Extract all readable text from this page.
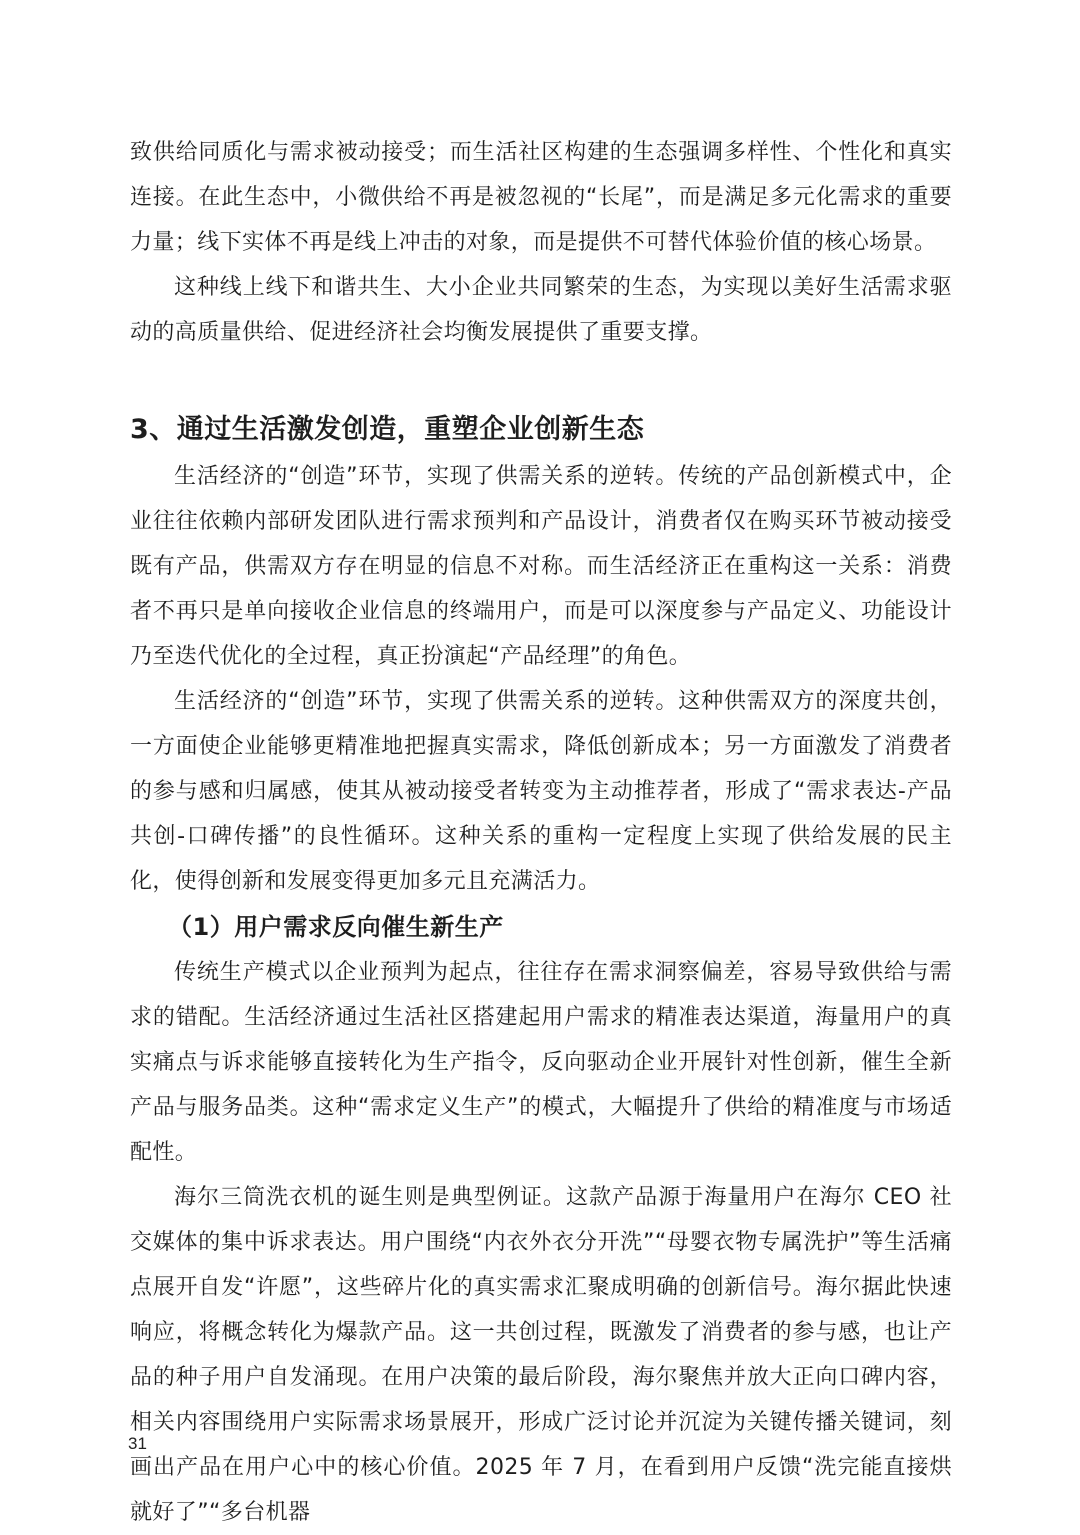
致供给同质化与需求被动接受；而生活社区构建的生态强调多样性、个性化和真实连接。在此生态中，小微供给不再是被忽视的“长尾”，而是满足多元化需求的重要力量；线下实体不再是线上冲击的对象，而是提供不可替代体验价值的核心场景。

这种线上线下和谐共生、大小企业共同繁荣的生态，为实现以美好生活需求驱动的高质量供给、促进经济社会均衡发展提供了重要支撑。

3、通过生活激发创造，重塑企业创新生态

生活经济的“创造”环节，实现了供需关系的逆转。传统的产品创新模式中，企业往往依赖内部研发团队进行需求预判和产品设计，消费者仅在购买环节被动接受既有产品，供需双方存在明显的信息不对称。而生活经济正在重构这一关系：消费者不再只是单向接收企业信息的终端用户，而是可以深度参与产品定义、功能设计乃至迭代优化的全过程，真正扮演起“产品经理”的角色。

生活经济的“创造”环节，实现了供需关系的逆转。这种供需双方的深度共创，一方面使企业能够更精准地把握真实需求，降低创新成本；另一方面激发了消费者的参与感和归属感，使其从被动接受者转变为主动推荐者，形成了“需求表达-产品共创-口碑传播”的良性循环。这种关系的重构一定程度上实现了供给发展的民主化，使得创新和发展变得更加多元且充满活力。

（1）用户需求反向催生新生产

传统生产模式以企业预判为起点，往往存在需求洞察偏差，容易导致供给与需求的错配。生活经济通过生活社区搭建起用户需求的精准表达渠道，海量用户的真实痛点与诉求能够直接转化为生产指令，反向驱动企业开展针对性创新，催生全新产品与服务品类。这种“需求定义生产”的模式，大幅提升了供给的精准度与市场适配性。

海尔三筒洗衣机的诞生则是典型例证。这款产品源于海量用户在海尔 CEO 社交媒体的集中诉求表达。用户围绕“内衣外衣分开洗”“母婴衣物专属洗护”等生活痛点展开自发“许愿”，这些碎片化的真实需求汇聚成明确的创新信号。海尔据此快速响应，将概念转化为爆款产品。这一共创过程，既激发了消费者的参与感，也让产品的种子用户自发涌现。在用户决策的最后阶段，海尔聚焦并放大正向口碑内容，相关内容围绕用户实际需求场景展开，形成广泛讨论并沉淀为关键传播关键词，刻画出产品在用户心中的核心价值。2025 年 7 月，在看到用户反馈“洗完能直接烘就好了”“多台机器

31
